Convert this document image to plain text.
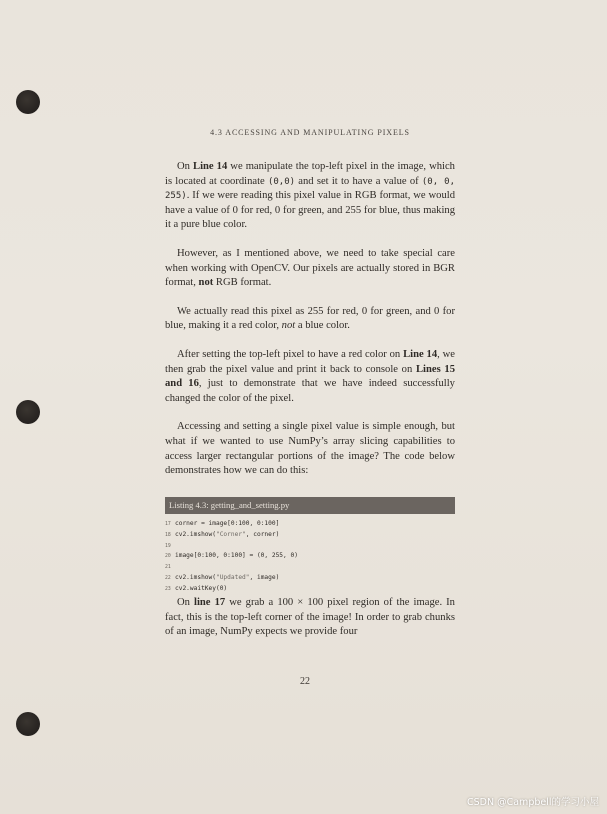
4.3 ACCESSING AND MANIPULATING PIXELS

On Line 14 we manipulate the top-left pixel in the image, which is located at coordinate (0,0) and set it to have a value of (0, 0, 255). If we were reading this pixel value in RGB format, we would have a value of 0 for red, 0 for green, and 255 for blue, thus making it a pure blue color.

However, as I mentioned above, we need to take special care when working with OpenCV. Our pixels are actually stored in BGR format, not RGB format.

We actually read this pixel as 255 for red, 0 for green, and 0 for blue, making it a red color, not a blue color.

After setting the top-left pixel to have a red color on Line 14, we then grab the pixel value and print it back to console on Lines 15 and 16, just to demonstrate that we have indeed successfully changed the color of the pixel.

Accessing and setting a single pixel value is simple enough, but what if we wanted to use NumPy’s array slicing capabilities to access larger rectangular portions of the image? The code below demonstrates how we can do this:

Listing 4.3: getting_and_setting.py
17 corner = image[0:100, 0:100]
18 cv2.imshow("Corner", corner)
19
20 image[0:100, 0:100] = (0, 255, 0)
21
22 cv2.imshow("Updated", image)
23 cv2.waitKey(0)

On line 17 we grab a 100 × 100 pixel region of the image. In fact, this is the top-left corner of the image! In order to grab chunks of an image, NumPy expects we provide four

22
CSDN @Campbell的学习小屋
